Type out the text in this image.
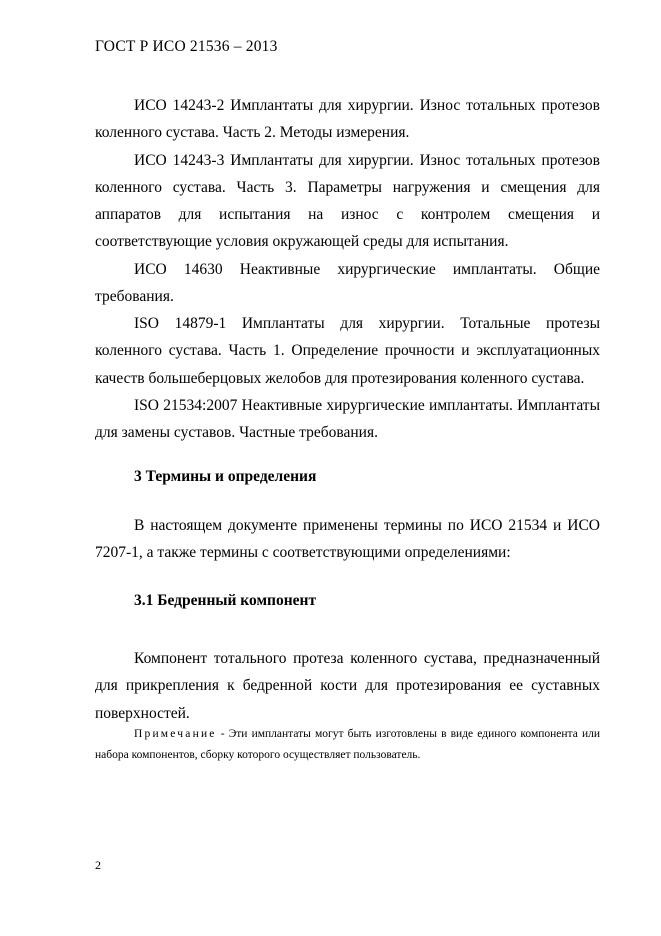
ГОСТ Р ИСО 21536 – 2013

ИСО 14243-2 Имплантаты для хирургии. Износ тотальных протезов коленного сустава. Часть 2. Методы измерения.

ИСО 14243-3 Имплантаты для хирургии. Износ тотальных протезов коленного сустава. Часть 3. Параметры нагружения и смещения для аппаратов для испытания на износ с контролем смещения и соответствующие условия окружающей среды для испытания.

ИСО 14630 Неактивные хирургические имплантаты. Общие требования.

ISO 14879-1 Имплантаты для хирургии. Тотальные протезы коленного сустава. Часть 1. Определение прочности и эксплуатационных качеств большеберцовых желобов для протезирования коленного сустава.

ISO 21534:2007 Неактивные хирургические имплантаты. Имплантаты для замены суставов. Частные требования.

3 Термины и определения

В настоящем документе применены термины по ИСО 21534 и ИСО 7207-1, а также термины с соответствующими определениями:

3.1 Бедренный компонент

Компонент тотального протеза коленного сустава, предназначенный для прикрепления к бедренной кости для протезирования ее суставных поверхностей.

Примечание - Эти имплантаты могут быть изготовлены в виде единого компонента или набора компонентов, сборку которого осуществляет пользователь.

2
